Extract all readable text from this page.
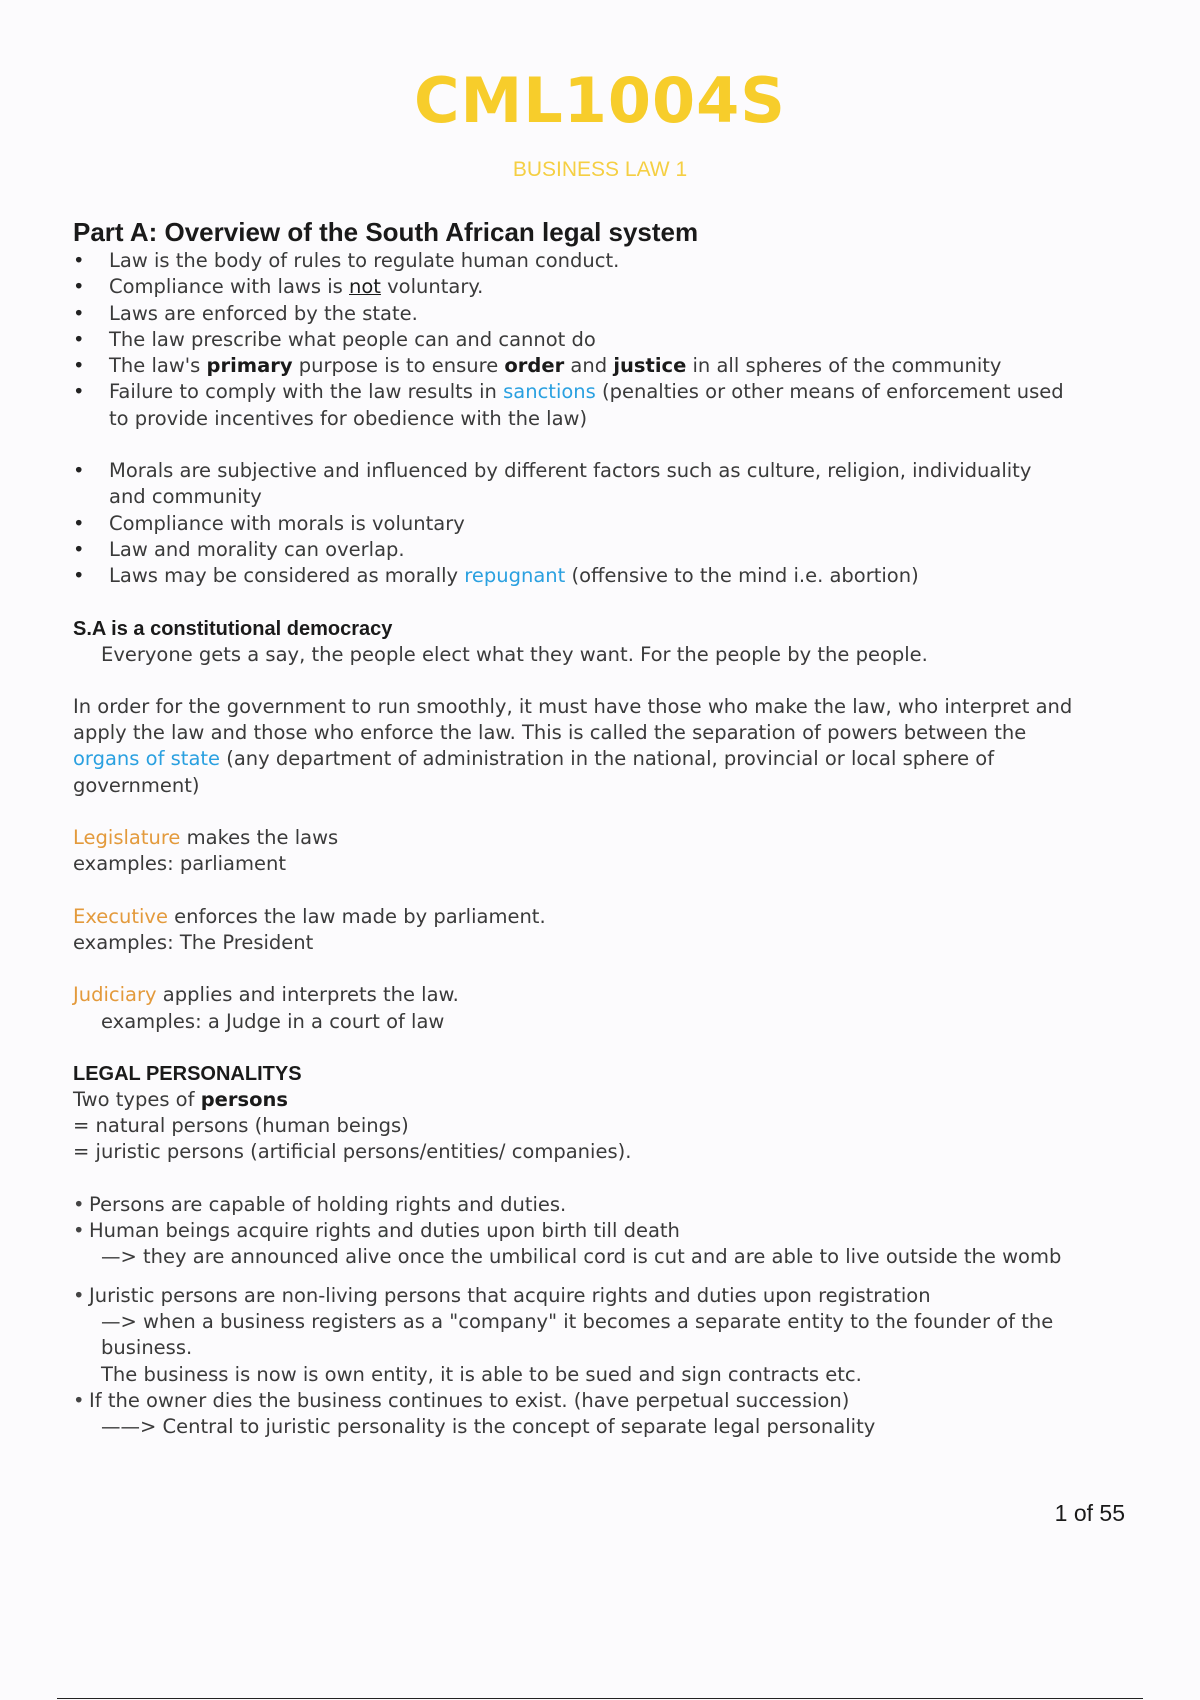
CML1004S
BUSINESS LAW 1
Part A: Overview of the South African legal system
• Law is the body of rules to regulate human conduct.
• Compliance with laws is not voluntary.
• Laws are enforced by the state.
• The law prescribe what people can and cannot do
• The law's primary purpose is to ensure order and justice in all spheres of the community
• Failure to comply with the law results in sanctions (penalties or other means of enforcement used
to provide incentives for obedience with the law)
• Morals are subjective and influenced by different factors such as culture, religion, individuality
and community
• Compliance with morals is voluntary
• Law and morality can overlap.
• Laws may be considered as morally repugnant (offensive to the mind i.e. abortion)
S.A is a constitutional democracy
Everyone gets a say, the people elect what they want. For the people by the people.
In order for the government to run smoothly, it must have those who make the law, who interpret and
apply the law and those who enforce the law. This is called the separation of powers between the
organs of state (any department of administration in the national, provincial or local sphere of
government)
Legislature makes the laws
examples: parliament
Executive enforces the law made by parliament.
examples: The President
Judiciary applies and interprets the law.
examples: a Judge in a court of law
LEGAL PERSONALITYS
Two types of persons
= natural persons (human beings)
= juristic persons (artificial persons/entities/ companies).
• Persons are capable of holding rights and duties.
• Human beings acquire rights and duties upon birth till death
—> they are announced alive once the umbilical cord is cut and are able to live outside the womb
• Juristic persons are non-living persons that acquire rights and duties upon registration
—> when a business registers as a "company" it becomes a separate entity to the founder of the
business.
The business is now is own entity, it is able to be sued and sign contracts etc.
• If the owner dies the business continues to exist. (have perpetual succession)
——> Central to juristic personality is the concept of separate legal personality
1 of 55
